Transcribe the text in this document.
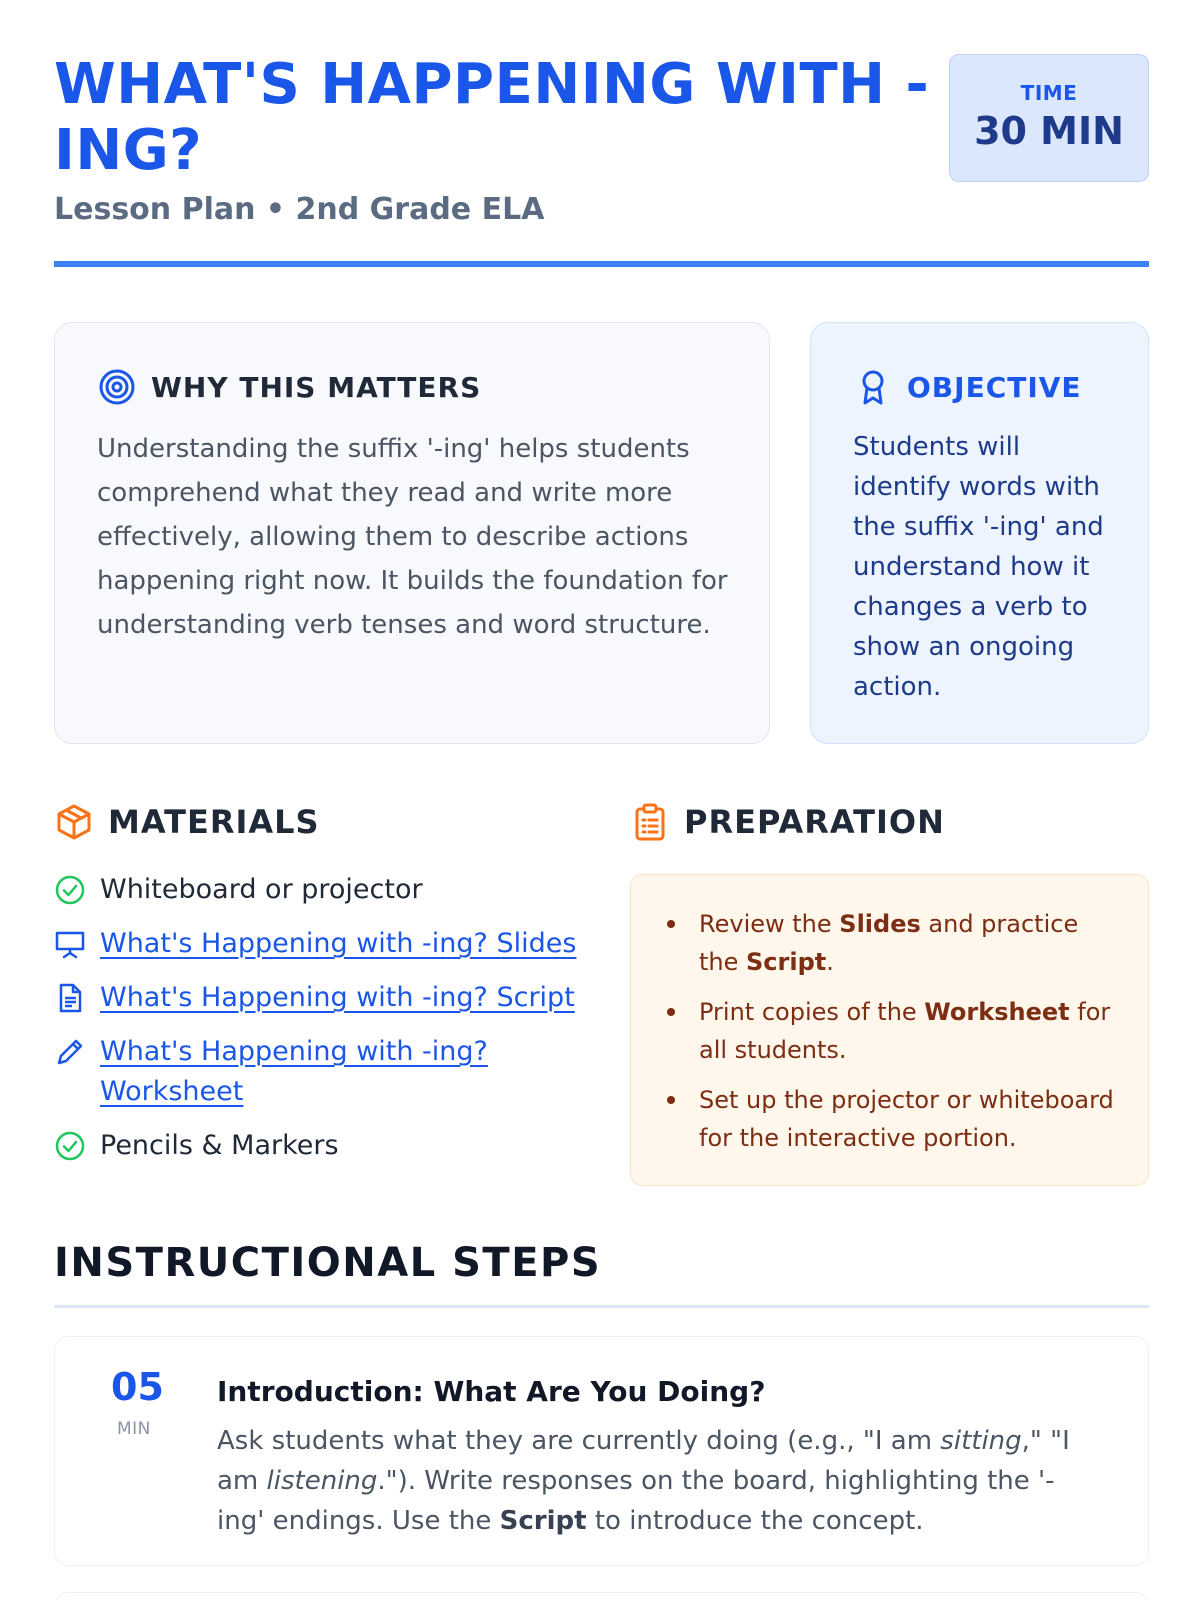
WHAT'S HAPPENING WITH -ING?
Lesson Plan • 2nd Grade ELA
TIME
30 MIN
WHY THIS MATTERS

Understanding the suffix '-ing' helps students comprehend what they read and write more effectively, allowing them to describe actions happening right now. It builds the foundation for understanding verb tenses and word structure.

OBJECTIVE

Students will identify words with the suffix '-ing' and understand how it changes a verb to show an ongoing action.

MATERIALS
Whiteboard or projector
What's Happening with -ing? Slides
What's Happening with -ing? Script
What's Happening with -ing? Worksheet
Pencils & Markers
PREPARATION
Review the Slides and practice the Script.
Print copies of the Worksheet for all students.
Set up the projector or whiteboard for the interactive portion.
INSTRUCTIONAL STEPS
05
MIN
Introduction: What Are You Doing?

Ask students what they are currently doing (e.g., "I am sitting," "I am listening."). Write responses on the board, highlighting the '-ing' endings. Use the Script to introduce the concept.
